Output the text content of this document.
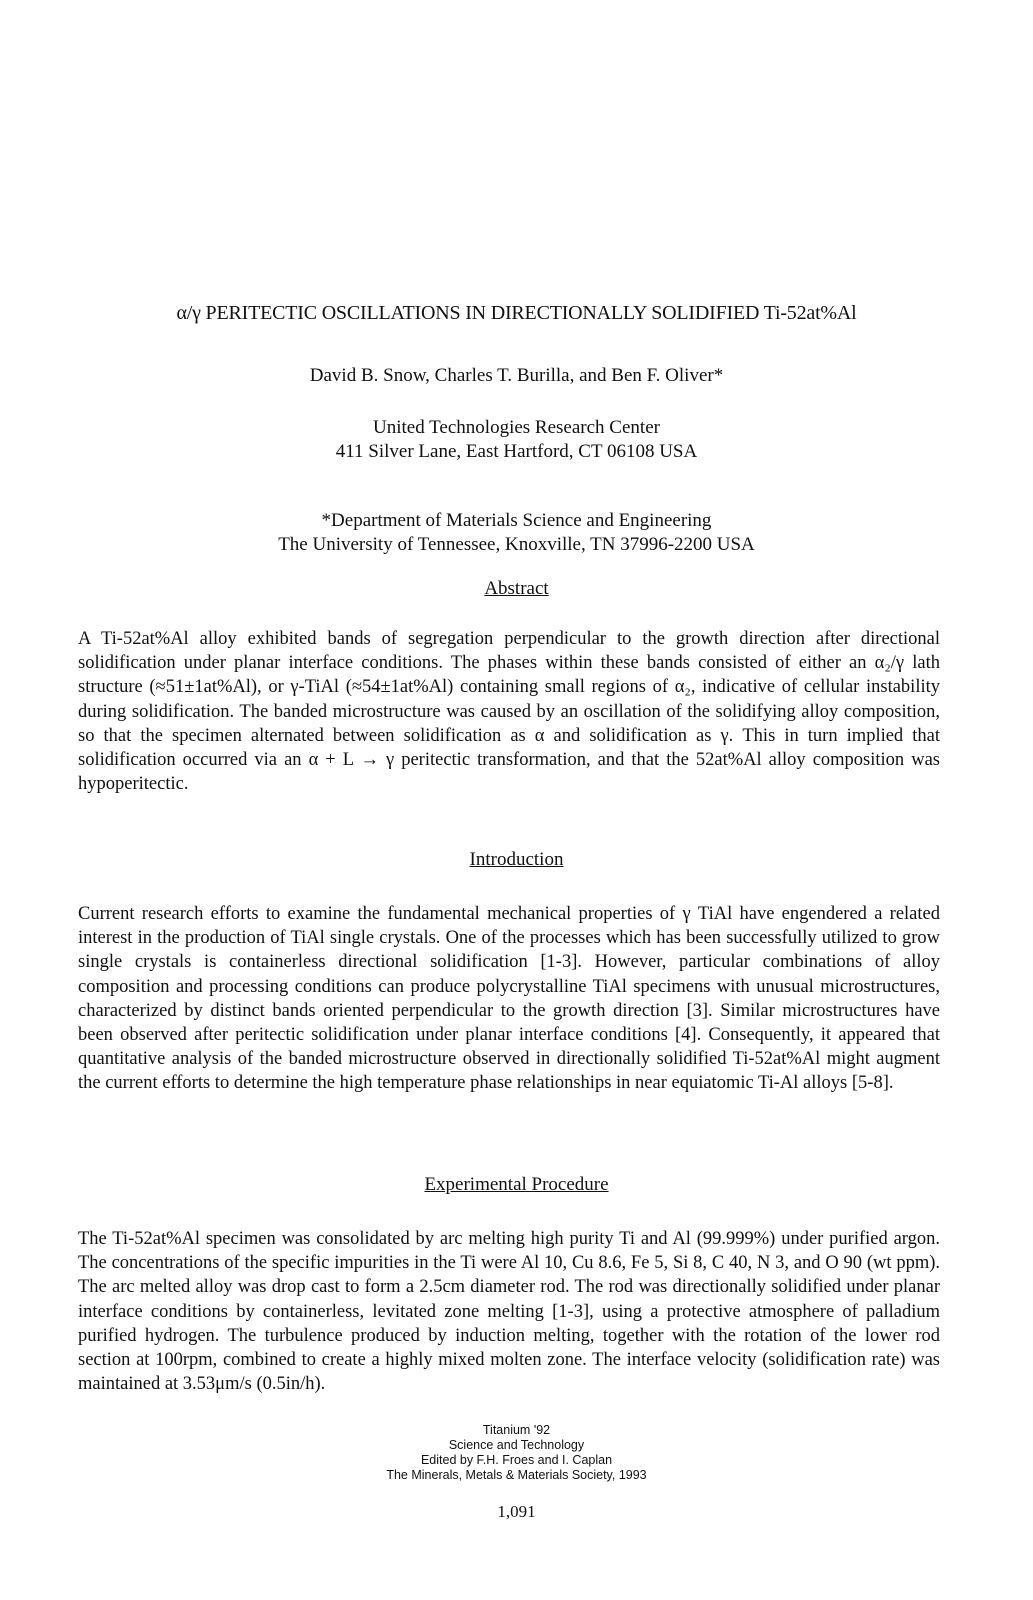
α/γ PERITECTIC OSCILLATIONS IN DIRECTIONALLY SOLIDIFIED Ti-52at%Al
David B. Snow, Charles T. Burilla, and Ben F. Oliver*
United Technologies Research Center
411 Silver Lane, East Hartford, CT 06108 USA
*Department of Materials Science and Engineering
The University of Tennessee, Knoxville, TN 37996-2200 USA
Abstract

A Ti-52at%Al alloy exhibited bands of segregation perpendicular to the growth direction after directional solidification under planar interface conditions. The phases within these bands consisted of either an α₂/γ lath structure (≈51±1at%Al), or γ-TiAl (≈54±1at%Al) containing small regions of α₂, indicative of cellular instability during solidification. The banded microstructure was caused by an oscillation of the solidifying alloy composition, so that the specimen alternated between solidification as α and solidification as γ. This in turn implied that solidification occurred via an α + L → γ peritectic transformation, and that the 52at%Al alloy composition was hypoperitectic.

Introduction

Current research efforts to examine the fundamental mechanical properties of γ TiAl have engendered a related interest in the production of TiAl single crystals. One of the processes which has been successfully utilized to grow single crystals is containerless directional solidification [1-3]. However, particular combinations of alloy composition and processing conditions can produce polycrystalline TiAl specimens with unusual microstructures, characterized by distinct bands oriented perpendicular to the growth direction [3]. Similar microstructures have been observed after peritectic solidification under planar interface conditions [4]. Consequently, it appeared that quantitative analysis of the banded microstructure observed in directionally solidified Ti-52at%Al might augment the current efforts to determine the high temperature phase relationships in near equiatomic Ti-Al alloys [5-8].

Experimental Procedure

The Ti-52at%Al specimen was consolidated by arc melting high purity Ti and Al (99.999%) under purified argon. The concentrations of the specific impurities in the Ti were Al 10, Cu 8.6, Fe 5, Si 8, C 40, N 3, and O 90 (wt ppm). The arc melted alloy was drop cast to form a 2.5cm diameter rod. The rod was directionally solidified under planar interface conditions by containerless, levitated zone melting [1-3], using a protective atmosphere of palladium purified hydrogen. The turbulence produced by induction melting, together with the rotation of the lower rod section at 100rpm, combined to create a highly mixed molten zone. The interface velocity (solidification rate) was maintained at 3.53μm/s (0.5in/h).

Titanium '92
Science and Technology
Edited by F.H. Froes and I. Caplan
The Minerals, Metals & Materials Society, 1993
1,091
